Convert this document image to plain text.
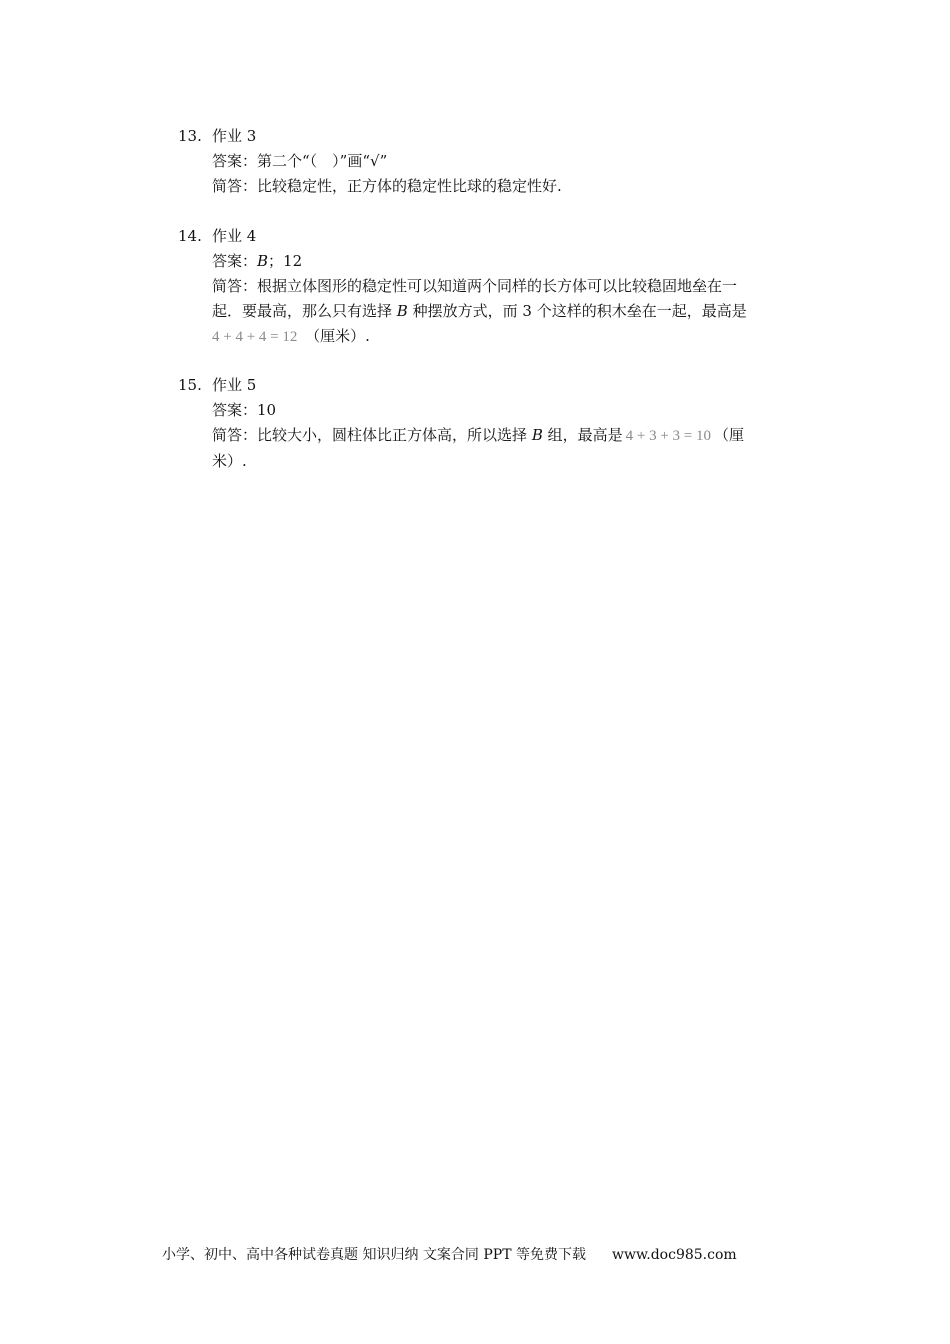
13. 作业 3
答案：第二个“（　）”画“√”
简答：比较稳定性，正方体的稳定性比球的稳定性好.
14. 作业 4
答案：B；12
简答：根据立体图形的稳定性可以知道两个同样的长方体可以比较稳固地垒在一
起．要最高，那么只有选择 B 种摆放方式，而 3 个这样的积木垒在一起，最高是
4 + 4 + 4 = 12 （厘米）.
15. 作业 5
答案：10
简答：比较大小，圆柱体比正方体高，所以选择 B 组，最高是 4 + 3 + 3 = 10 （厘
米）.
小学、初中、高中各种试卷真题 知识归纳 文案合同 PPT 等免费下载 www.doc985.com
